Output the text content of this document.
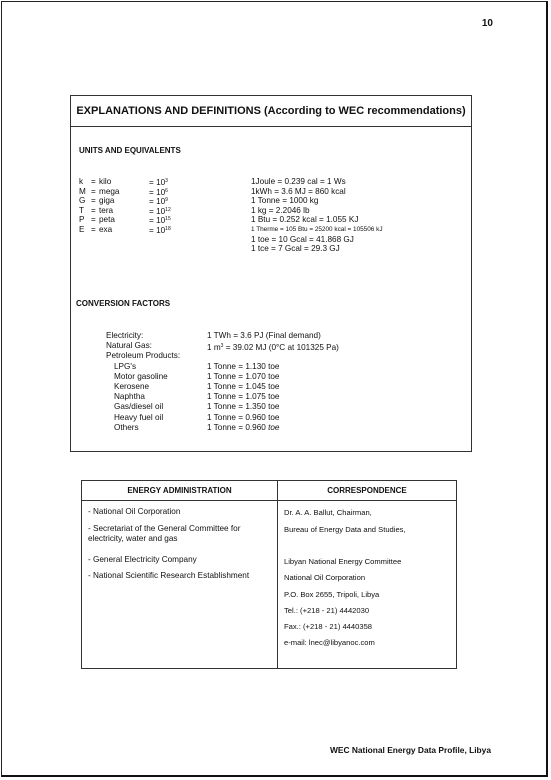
10
EXPLANATIONS AND DEFINITIONS (According to WEC recommendations)
UNITS AND EQUIVALENTS
k = kilo	= $10^3$
M = mega	= $10^6$
G = giga	= $10^9$
T = tera	= $10^{12}$
P = peta	= $10^{15}$
E = exa	= $10^{18}$
1Joule = 0.239 cal = 1 Ws
1kWh = 3.6 MJ = 860 kcal
1 Tonne = 1000 kg
1 kg = 2.2046 lb
1 Btu = 0.252 kcal = 1.055 KJ
1 Therme = 105 Btu = 25200 kcal = 105506 kJ
1 toe = 10 Gcal = 41.868 GJ
1 tce = 7 Gcal = 29.3 GJ
CONVERSION FACTORS
Electricity:	1 TWh = 3.6 PJ (Final demand)
Natural Gas:	1 $m^3 = 39.02$ MJ (0°C at 101325 Pa)
Petroleum Products:
LPG's	1 Tonne = 1.130 toe
Motor gasoline	1 Tonne = 1.070 toe
Kerosene	1 Tonne = 1.045 toe
Naphtha	1 Tonne = 1.075 toe
Gas/diesel oil	1 Tonne = 1.350 toe
Heavy fuel oil	1 Tonne = 0.960 toe
Others	1 Tonne = 0.960 toe
ENERGY ADMINISTRATION	CORRESPONDENCE
- National Oil Corporation
- Secretariat of the General Committee for electricity, water and gas
- General Electricity Company
- National Scientific Research Establishment
Dr. A. A. Ballut, Chairman,
Bureau of Energy Data and Studies,
Libyan National Energy Committee
National Oil Corporation
P.O. Box 2655, Tripoli, Libya
Tel.: (+218 - 21) 4442030
Fax.: (+218 - 21) 4440358
e-mail: lnec@libyanoc.com
WEC National Energy Data Profile, Libya
